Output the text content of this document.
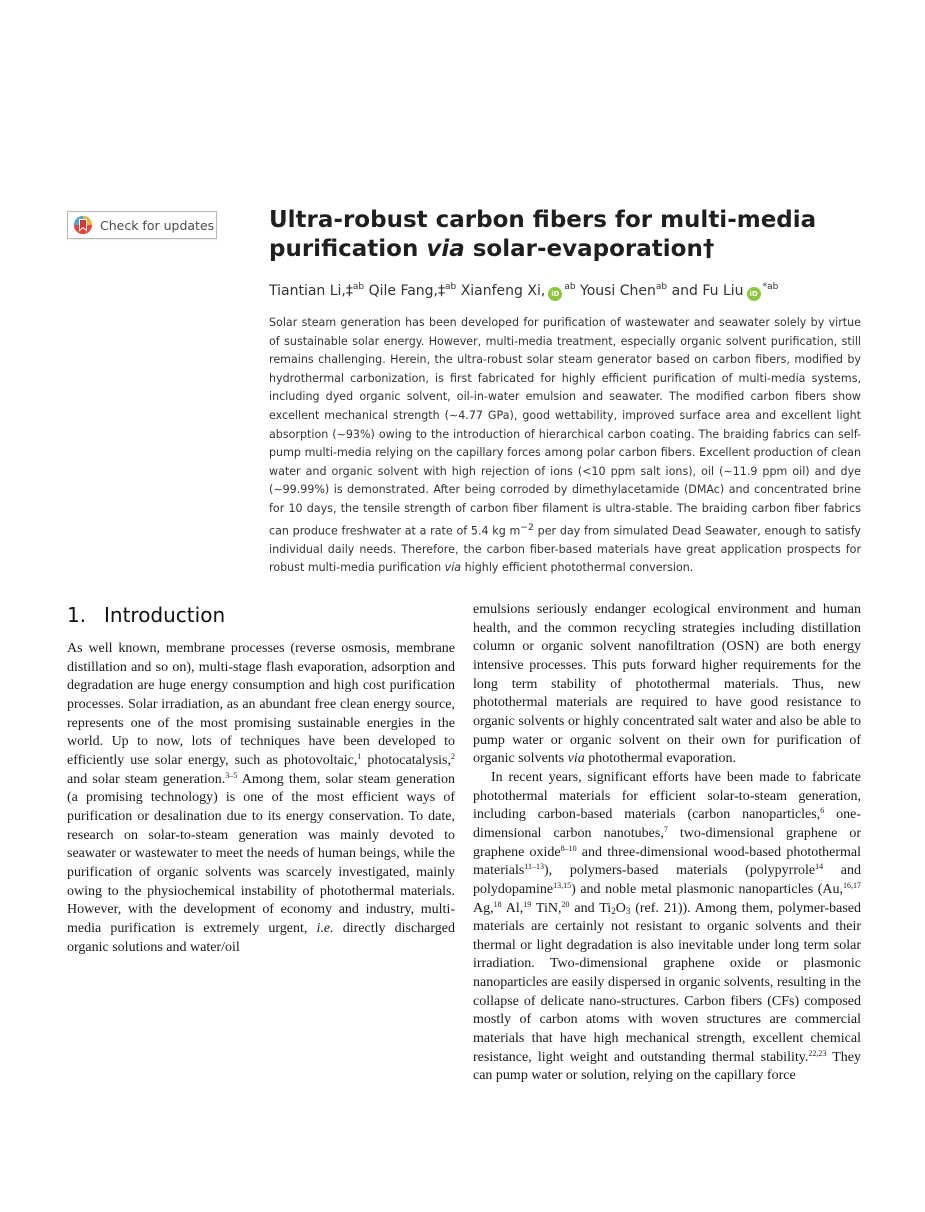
Check for updates Ultra-robust carbon fibers for multi-media
purification via solar-evaporation†
Tiantian Li,‡$^{ab}$ Qile Fang,‡$^{ab}$ Xianfeng Xi, $iD^{ab}$ Yousi Chen$^{ab}$ and Fu Liu $iD^{*ab}$

Solar steam generation has been developed for purification of wastewater and seawater solely by virtue of sustainable solar energy. However, multi-media treatment, especially organic solvent purification, still remains challenging. Herein, the ultra-robust solar steam generator based on carbon fibers, modified by hydrothermal carbonization, is first fabricated for highly efficient purification of multi-media systems, including dyed organic solvent, oil-in-water emulsion and seawater. The modified carbon fibers show excellent mechanical strength (∼4.77 GPa), good wettability, improved surface area and excellent light absorption (∼93%) owing to the introduction of hierarchical carbon coating. The braiding fabrics can self-pump multi-media relying on the capillary forces among polar carbon fibers. Excellent production of clean water and organic solvent with high rejection of ions (<10 ppm salt ions), oil (∼11.9 ppm oil) and dye (∼99.99%) is demonstrated. After being corroded by dimethylacetamide (DMAc) and concentrated brine for 10 days, the tensile strength of carbon fiber filament is ultra-stable. The braiding carbon fiber fabrics can produce freshwater at a rate of 5.4 kg $m^{-2}$ per day from simulated Dead Seawater, enough to satisfy individual daily needs. Therefore, the carbon fiber-based materials have great application prospects for robust multi-media purification via highly efficient photothermal conversion.

1. Introduction

As well known, membrane processes (reverse osmosis, membrane distillation and so on), multi-stage flash evaporation, adsorption and degradation are huge energy consumption and high cost purification processes. Solar irradiation, as an abundant free clean energy source, represents one of the most promising sustainable energies in the world. Up to now, lots of techniques have been developed to efficiently use solar energy, such as photovoltaic,$^1$ photocatalysis,$^2$ and solar steam generation.$^{3-5}$ Among them, solar steam generation (a promising technology) is one of the most efficient ways of purification or desalination due to its energy conservation. To date, research on solar-to-steam generation was mainly devoted to seawater or wastewater to meet the needs of human beings, while the purification of organic solvents was scarcely investigated, mainly owing to the physiochemical instability of photothermal materials. However, with the development of economy and industry, multi-media purification is extremely urgent, i.e. directly discharged organic solutions and water/oil

emulsions seriously endanger ecological environment and human health, and the common recycling strategies including distillation column or organic solvent nanofiltration (OSN) are both energy intensive processes. This puts forward higher requirements for the long term stability of photothermal materials. Thus, new photothermal materials are required to have good resistance to organic solvents or highly concentrated salt water and also be able to pump water or organic solvent on their own for purification of organic solvents via photothermal evaporation.
In recent years, significant efforts have been made to fabricate photothermal materials for efficient solar-to-steam generation, including carbon-based materials (carbon nanoparticles,$^6$ one-dimensional carbon nanotubes,$^7$ two-dimensional graphene or graphene oxide$^{8-10}$ and three-dimensional wood-based photothermal materials$^{11-13}$), polymers-based materials (polypyrrole$^{14}$ and polydopamine$^{13,15}$) and noble metal plasmonic nanoparticles (Au,$^{16,17}$ Ag,$^{18}$ Al,$^{19}$ TiN,$^{20}$ and $Ti_2O_3$ (ref. 21)). Among them, polymer-based materials are certainly not resistant to organic solvents and their thermal or light degradation is also inevitable under long term solar irradiation. Two-dimensional graphene oxide or plasmonic nanoparticles are easily dispersed in organic solvents, resulting in the collapse of delicate nano-structures. Carbon fibers (CFs) composed mostly of carbon atoms with woven structures are commercial materials that have high mechanical strength, excellent chemical resistance, light weight and outstanding thermal stability.$^{22,23}$ They can pump water or solution, relying on the capillary force
